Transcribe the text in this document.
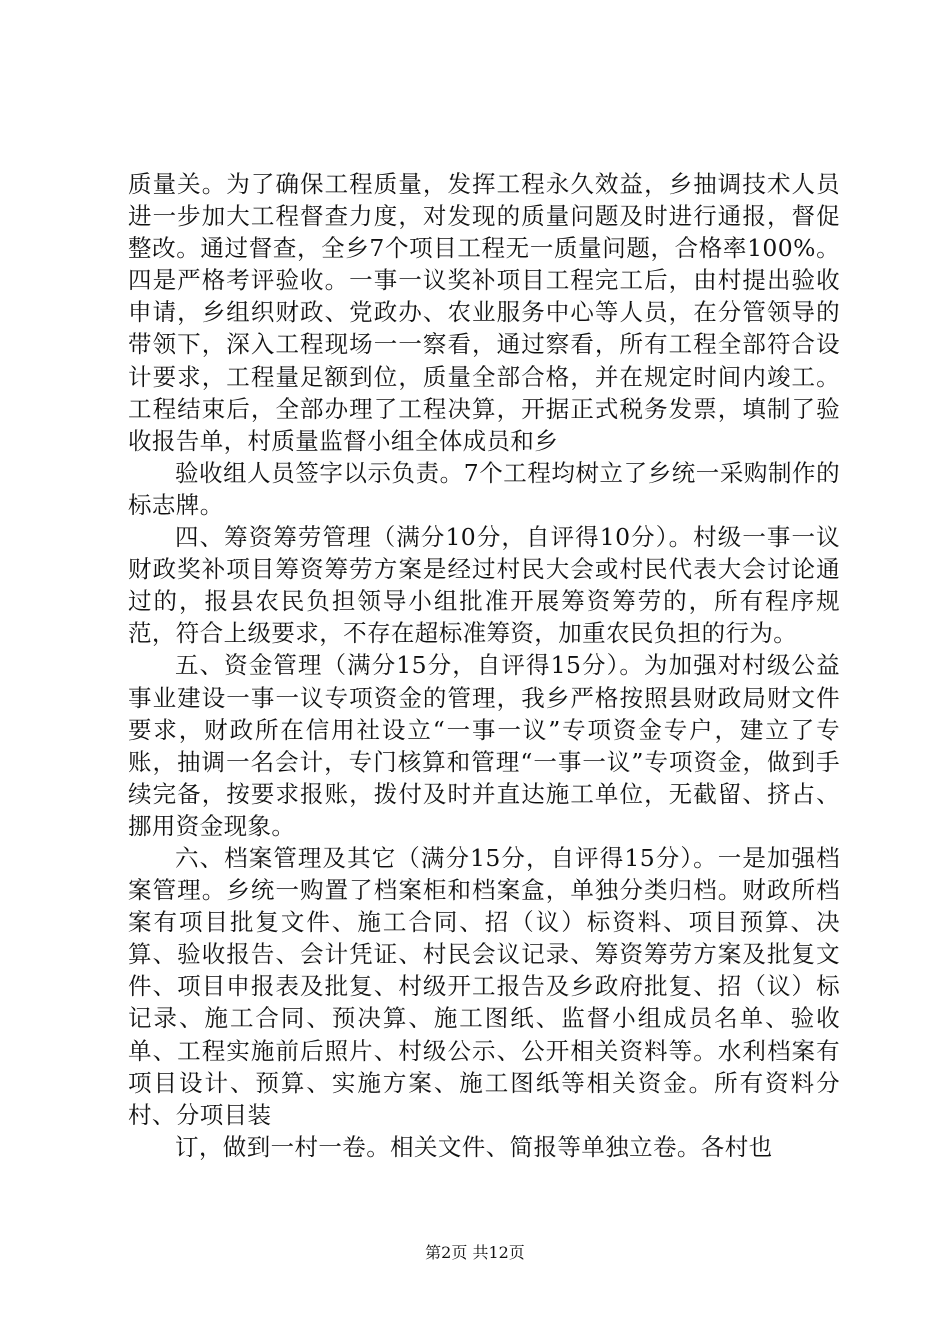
质量关。为了确保工程质量，发挥工程永久效益，乡抽调技术人员进一步加大工程督查力度，对发现的质量问题及时进行通报，督促整改。通过督查，全乡7个项目工程无一质量问题，合格率100%。四是严格考评验收。一事一议奖补项目工程完工后，由村提出验收申请，乡组织财政、党政办、农业服务中心等人员，在分管领导的带领下，深入工程现场一一察看，通过察看，所有工程全部符合设计要求，工程量足额到位，质量全部合格，并在规定时间内竣工。工程结束后，全部办理了工程决算，开据正式税务发票，填制了验收报告单，村质量监督小组全体成员和乡

验收组人员签字以示负责。7个工程均树立了乡统一采购制作的标志牌。

四、筹资筹劳管理（满分10分，自评得10分）。村级一事一议财政奖补项目筹资筹劳方案是经过村民大会或村民代表大会讨论通过的，报县农民负担领导小组批准开展筹资筹劳的，所有程序规范，符合上级要求，不存在超标准筹资，加重农民负担的行为。

五、资金管理（满分15分，自评得15分）。为加强对村级公益事业建设一事一议专项资金的管理，我乡严格按照县财政局财文件要求，财政所在信用社设立“一事一议”专项资金专户，建立了专账，抽调一名会计，专门核算和管理“一事一议”专项资金，做到手续完备，按要求报账，拨付及时并直达施工单位，无截留、挤占、挪用资金现象。

六、档案管理及其它（满分15分，自评得15分）。一是加强档案管理。乡统一购置了档案柜和档案盒，单独分类归档。财政所档案有项目批复文件、施工合同、招（议）标资料、项目预算、决算、验收报告、会计凭证、村民会议记录、筹资筹劳方案及批复文件、项目申报表及批复、村级开工报告及乡政府批复、招（议）标记录、施工合同、预决算、施工图纸、监督小组成员名单、验收单、工程实施前后照片、村级公示、公开相关资料等。水利档案有项目设计、预算、实施方案、施工图纸等相关资金。所有资料分村、分项目装

订，做到一村一卷。相关文件、简报等单独立卷。各村也

第2页 共12页
